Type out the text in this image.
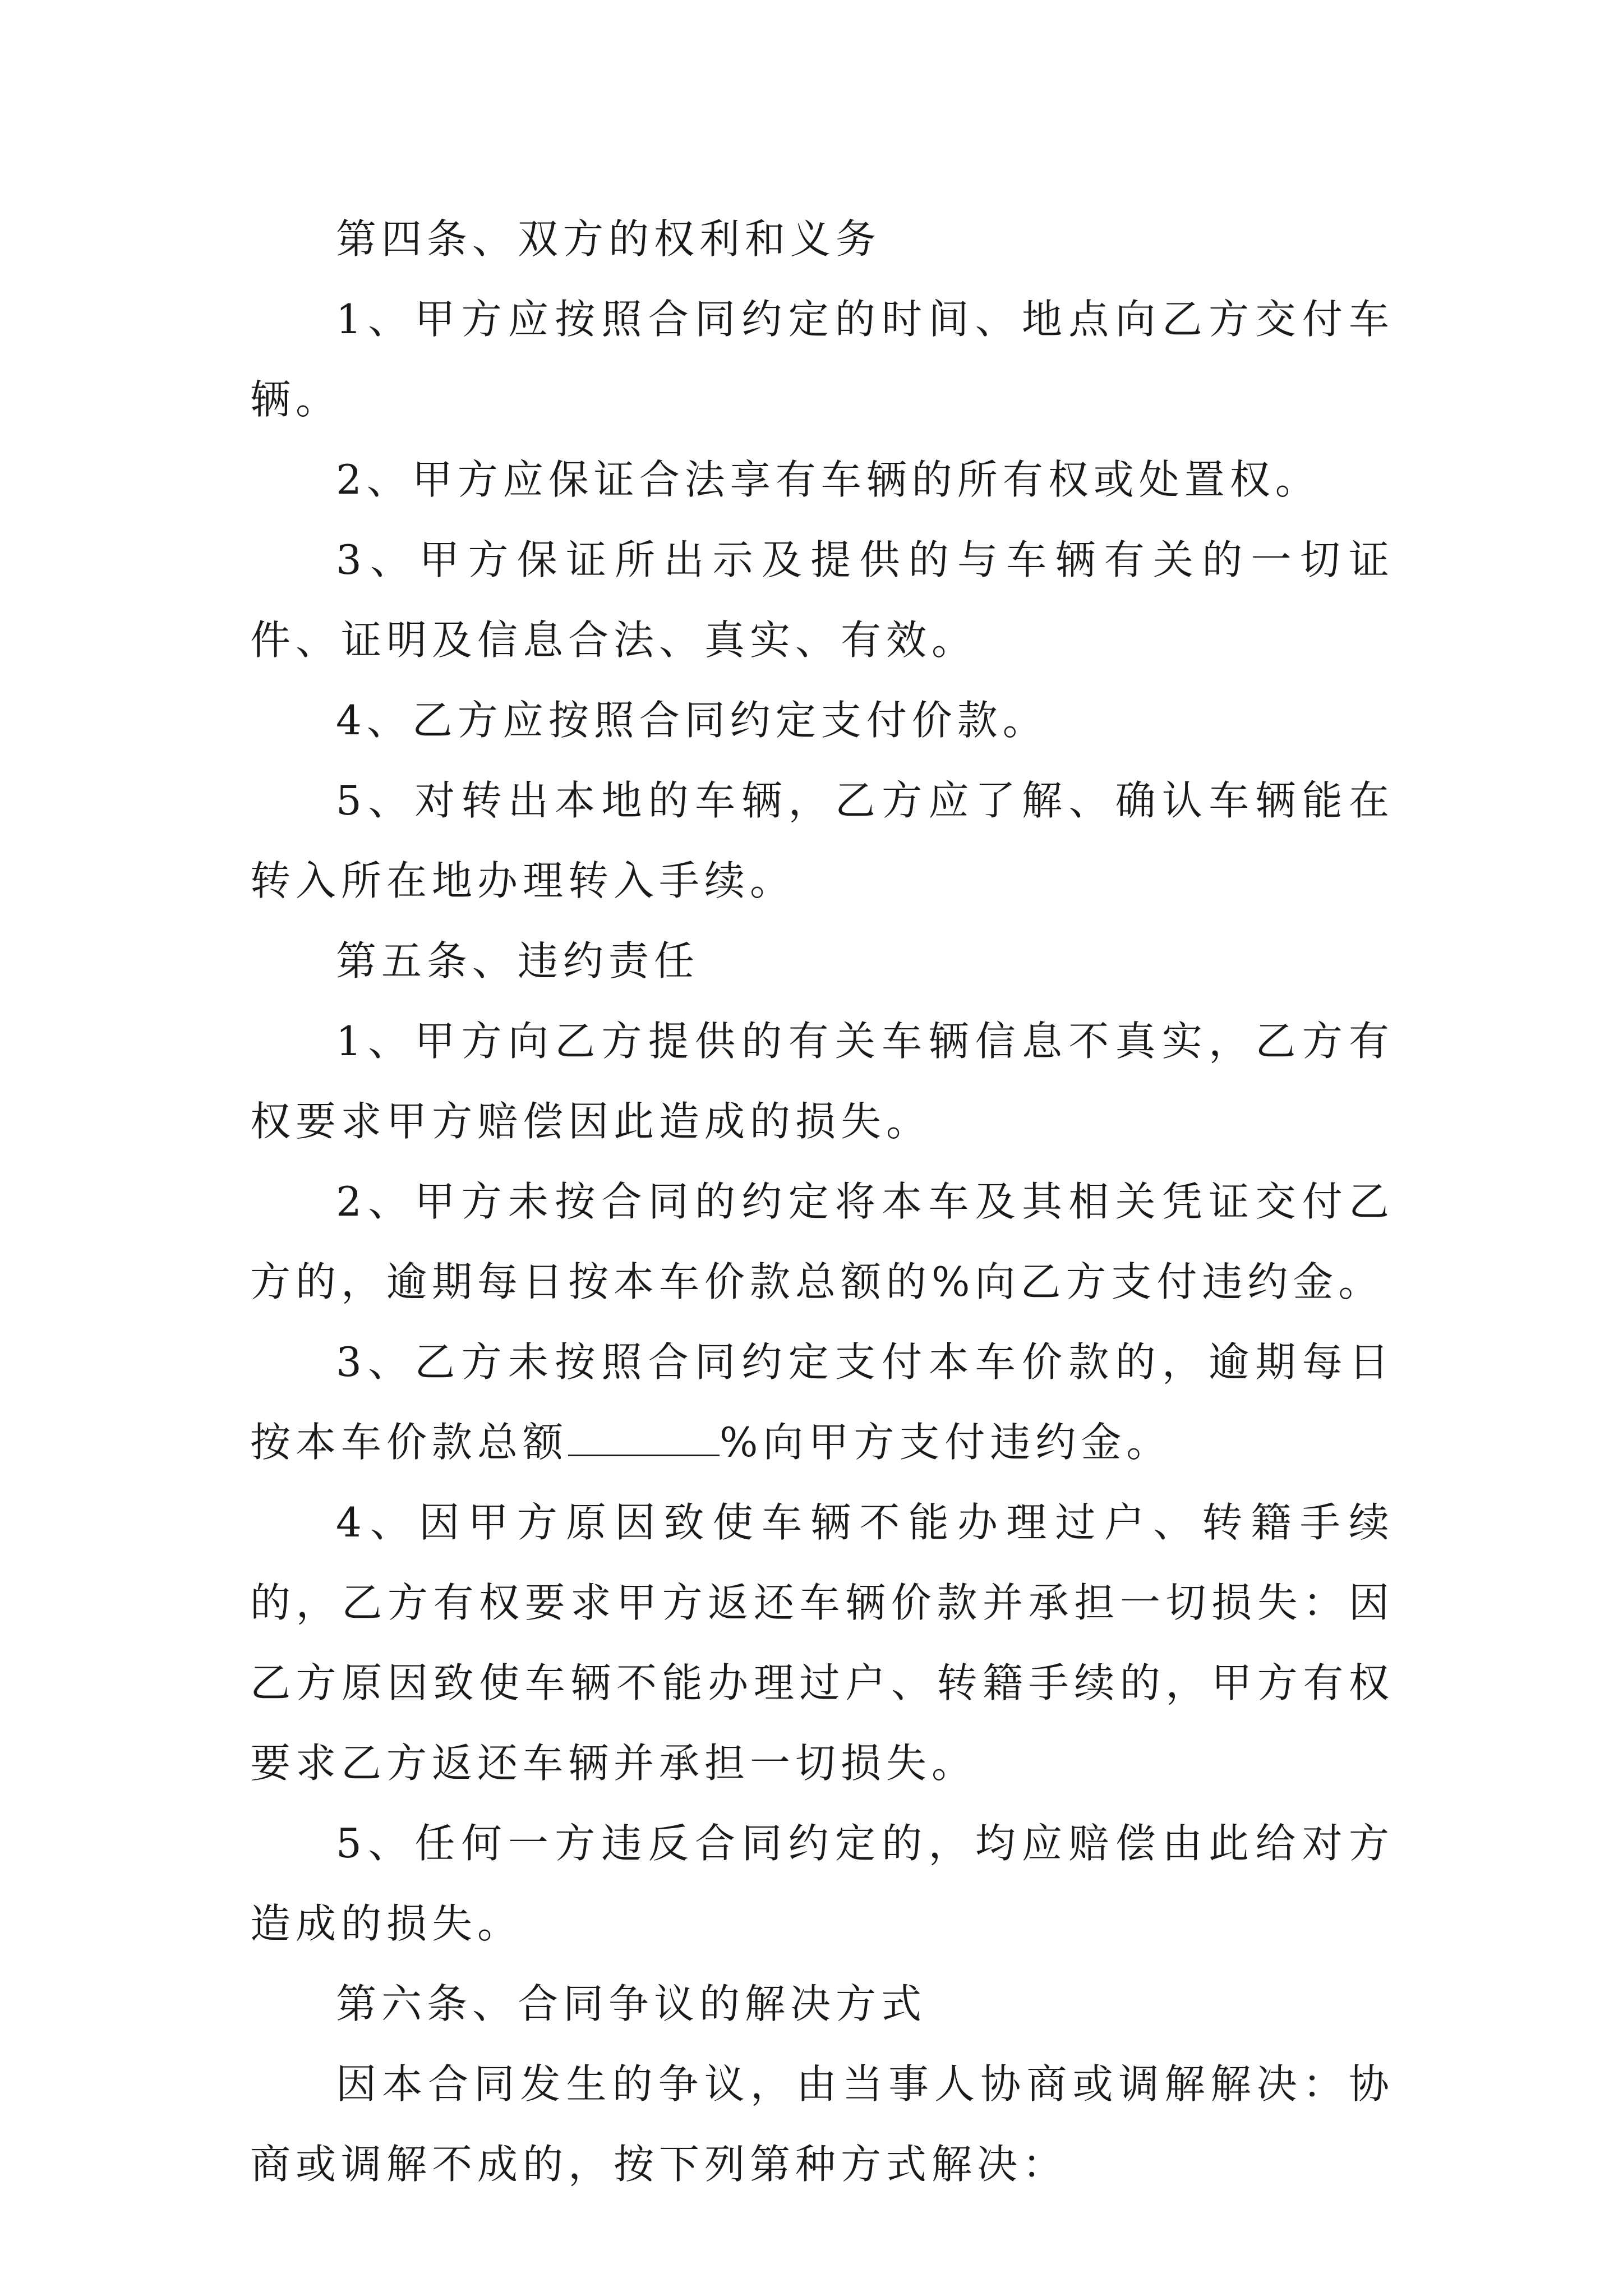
第四条、双方的权利和义务

1、甲方应按照合同约定的时间、地点向乙方交付车辆。

2、甲方应保证合法享有车辆的所有权或处置权。

3、甲方保证所出示及提供的与车辆有关的一切证件、证明及信息合法、真实、有效。

4、乙方应按照合同约定支付价款。

5、对转出本地的车辆，乙方应了解、确认车辆能在转入所在地办理转入手续。

第五条、违约责任

1、甲方向乙方提供的有关车辆信息不真实，乙方有权要求甲方赔偿因此造成的损失。

2、甲方未按合同的约定将本车及其相关凭证交付乙方的，逾期每日按本车价款总额的%向乙方支付违约金。

3、乙方未按照合同约定支付本车价款的，逾期每日按本车价款总额	%向甲方支付违约金。

4、因甲方原因致使车辆不能办理过户、转籍手续的，乙方有权要求甲方返还车辆价款并承担一切损失：因乙方原因致使车辆不能办理过户、转籍手续的，甲方有权要求乙方返还车辆并承担一切损失。

5、任何一方违反合同约定的，均应赔偿由此给对方造成的损失。

第六条、合同争议的解决方式

因本合同发生的争议，由当事人协商或调解解决：协商或调解不成的，按下列第种方式解决：
